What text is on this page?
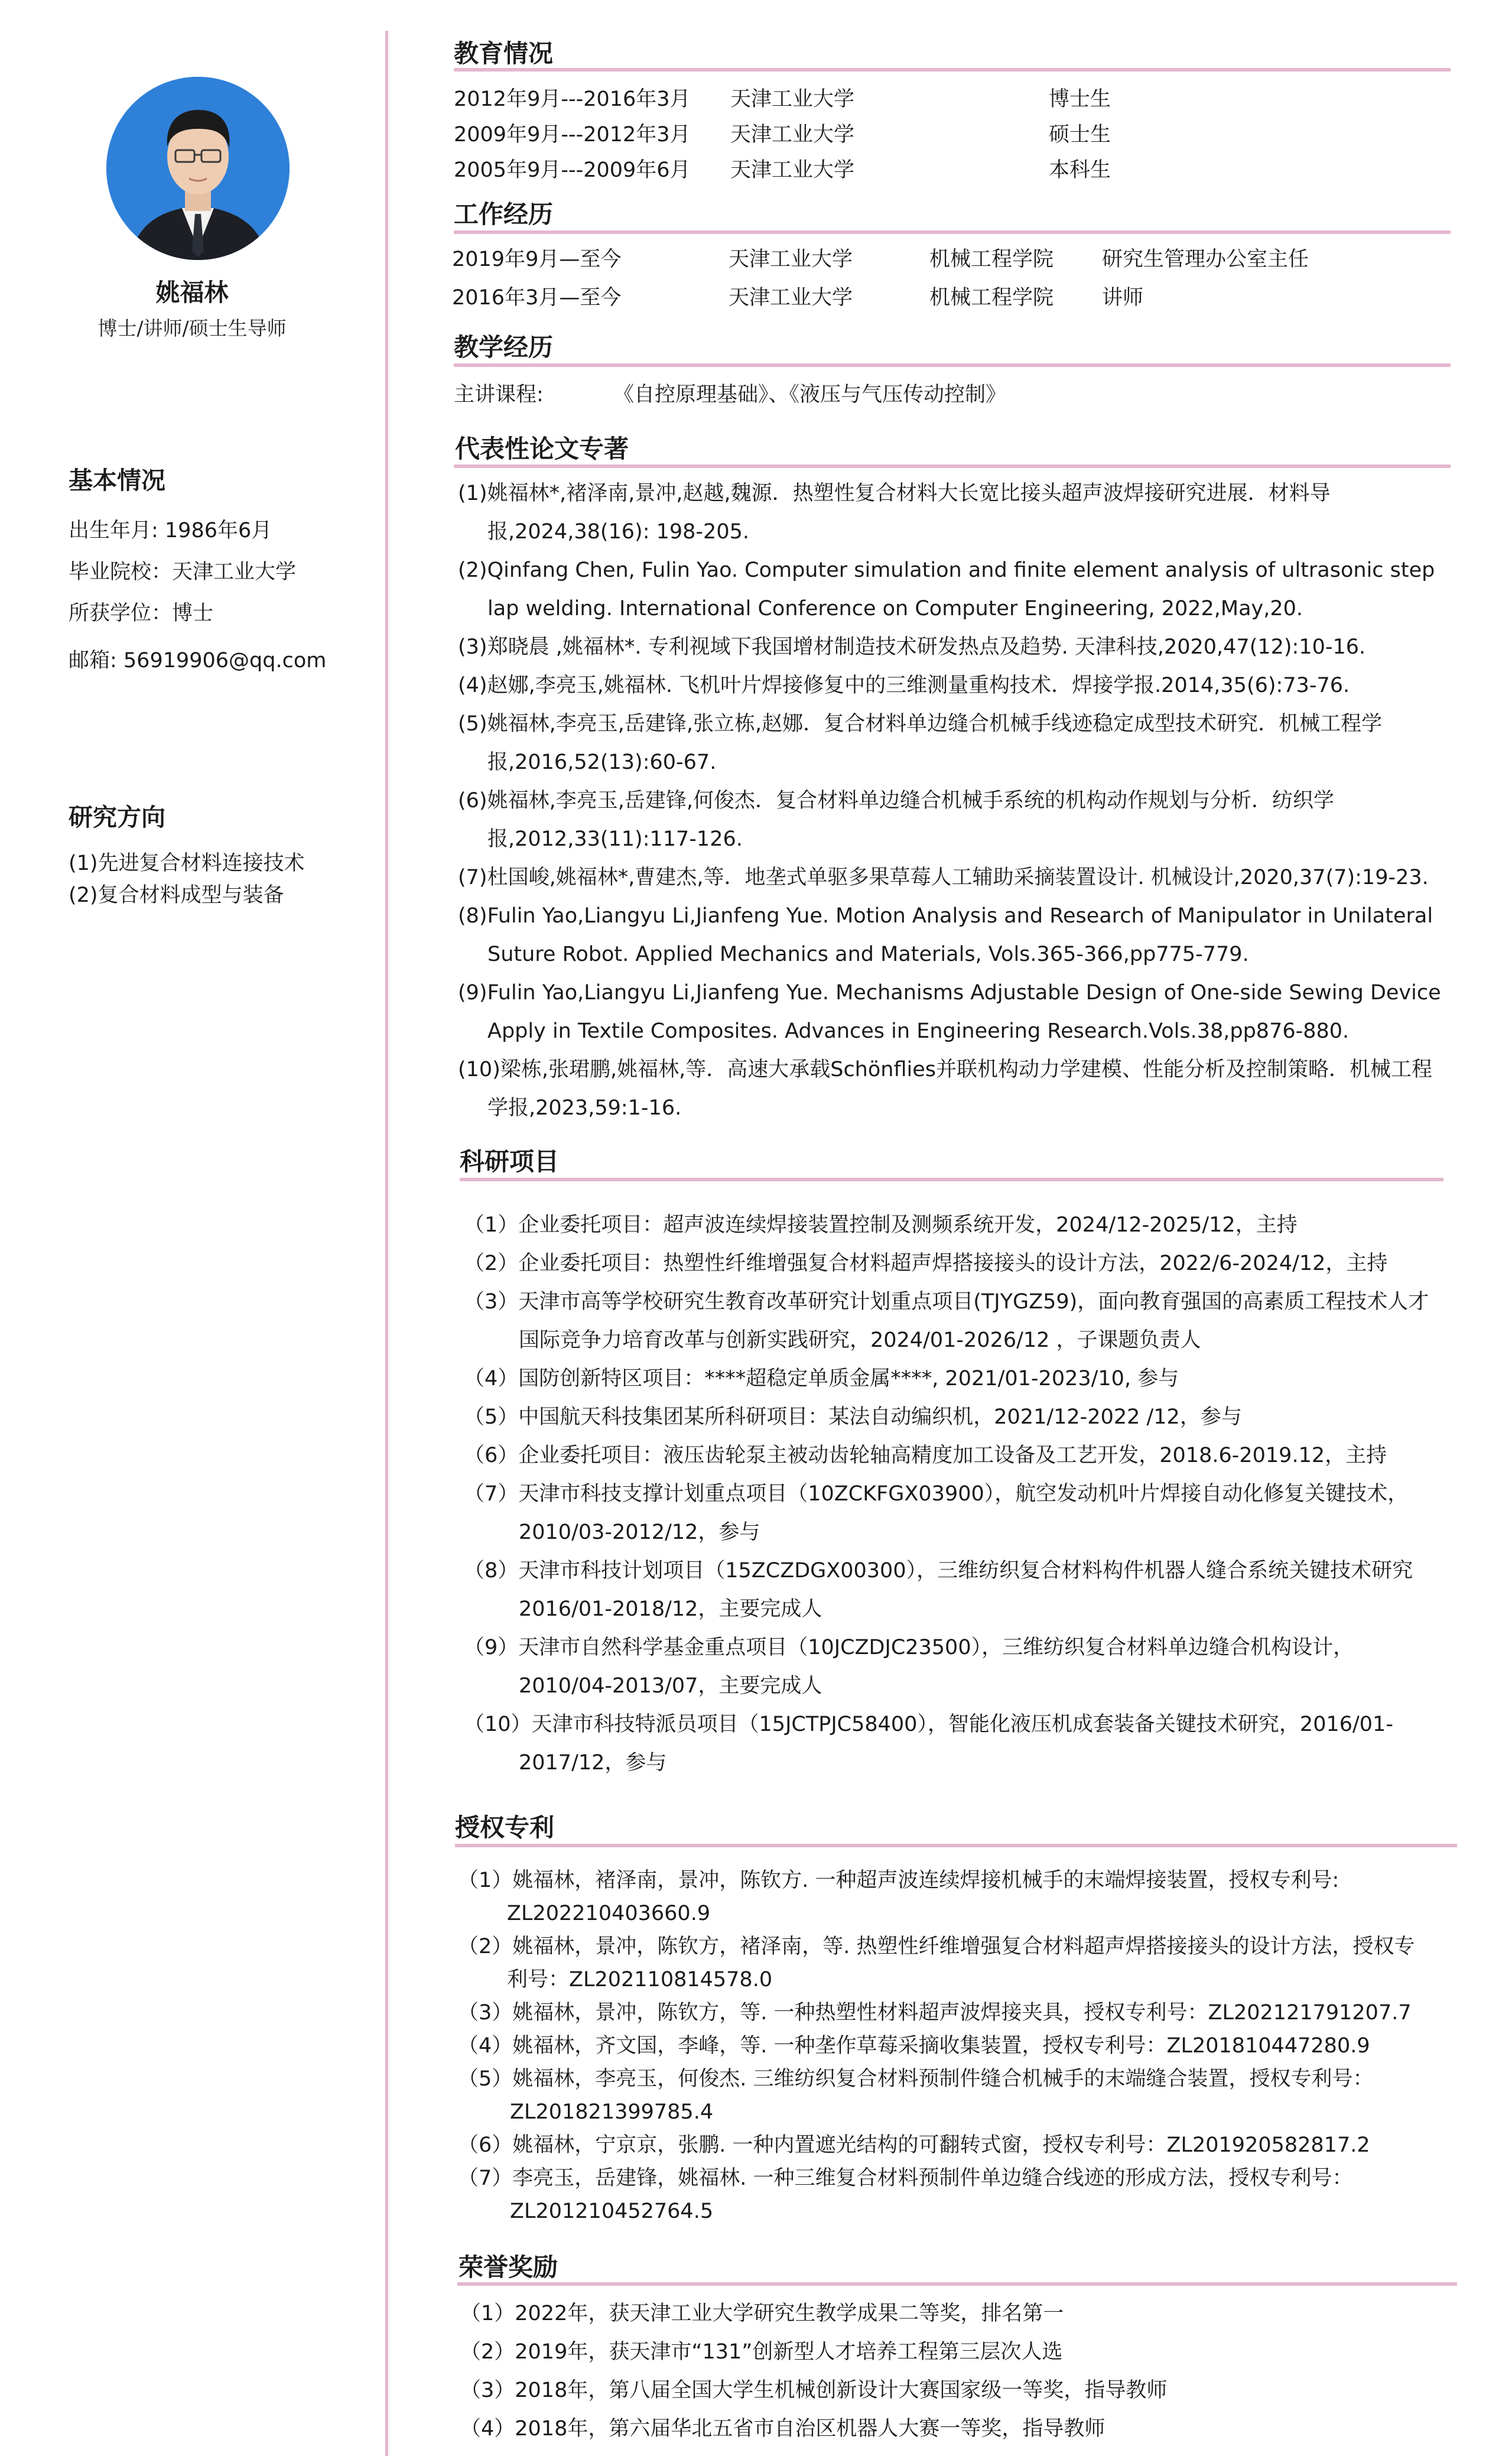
姚福林
博士/讲师/硕士生导师
基本情况
出生年月: 1986年6月
毕业院校：天津工业大学
所获学位：博士
邮箱: 56919906@qq.com
研究方向
(1)先进复合材料连接技术
(2)复合材料成型与装备
教育情况
2012年9月---2016年3月 天津工业大学	博士生
2009年9月---2012年3月 天津工业大学	硕士生
2005年9月---2009年6月 天津工业大学	本科生
工作经历
2019年9月—至今	天津工业大学	机械工程学院 研究生管理办公室主任
2016年3月—至今	天津工业大学	机械工程学院 讲师
教学经历
主讲课程:	《自控原理基础》、《液压与气压传动控制》
代表性论文专著
(1)姚福林*,褚泽南,景冲,赵越,魏源．热塑性复合材料大长宽比接头超声波焊接研究进展．材料导
报,2024,38(16): 198-205.
(2)Qinfang Chen, Fulin Yao. Computer simulation and finite element analysis of ultrasonic step
lap welding. International Conference on Computer Engineering, 2022,May,20.
(3)郑晓晨 ,姚福林*. 专利视域下我国增材制造技术研发热点及趋势. 天津科技,2020,47(12):10-16.
(4)赵娜,李亮玉,姚福林. 飞机叶片焊接修复中的三维测量重构技术．焊接学报.2014,35(6):73-76.
(5)姚福林,李亮玉,岳建锋,张立栋,赵娜．复合材料单边缝合机械手线迹稳定成型技术研究．机械工程学
报,2016,52(13):60-67.
(6)姚福林,李亮玉,岳建锋,何俊杰．复合材料单边缝合机械手系统的机构动作规划与分析．纺织学
报,2012,33(11):117-126.
(7)杜国峻,姚福林*,曹建杰,等．地垄式单驱多果草莓人工辅助采摘装置设计. 机械设计,2020,37(7):19-23.
(8)Fulin Yao,Liangyu Li,Jianfeng Yue. Motion Analysis and Research of Manipulator in Unilateral
Suture Robot. Applied Mechanics and Materials, Vols.365-366,pp775-779.
(9)Fulin Yao,Liangyu Li,Jianfeng Yue. Mechanisms Adjustable Design of One-side Sewing Device
Apply in Textile Composites. Advances in Engineering Research.Vols.38,pp876-880.
(10)梁栋,张珺鹏,姚福林,等．高速大承载Schönflies并联机构动力学建模、性能分析及控制策略．机械工程
学报,2023,59:1-16.
科研项目
（1）企业委托项目：超声波连续焊接装置控制及测频系统开发，2024/12-2025/12，主持
（2）企业委托项目：热塑性纤维增强复合材料超声焊搭接接头的设计方法，2022/6-2024/12，主持
（3）天津市高等学校研究生教育改革研究计划重点项目(TJYGZ59)，面向教育强国的高素质工程技术人才
国际竞争力培育改革与创新实践研究，2024/01-2026/12 ，子课题负责人
（4）国防创新特区项目：****超稳定单质金属****, 2021/01-2023/10, 参与
（5）中国航天科技集团某所科研项目：某法自动编织机，2021/12-2022 /12，参与
（6）企业委托项目：液压齿轮泵主被动齿轮轴高精度加工设备及工艺开发，2018.6-2019.12，主持
（7）天津市科技支撑计划重点项目（10ZCKFGX03900），航空发动机叶片焊接自动化修复关键技术，
2010/03-2012/12，参与
（8）天津市科技计划项目（15ZCZDGX00300），三维纺织复合材料构件机器人缝合系统关键技术研究
2016/01-2018/12，主要完成人
（9）天津市自然科学基金重点项目（10JCZDJC23500），三维纺织复合材料单边缝合机构设计，
2010/04-2013/07，主要完成人
（10）天津市科技特派员项目（15JCTPJC58400），智能化液压机成套装备关键技术研究，2016/01-
2017/12，参与
授权专利
（1）姚福林，褚泽南，景冲，陈钦方. 一种超声波连续焊接机械手的末端焊接装置，授权专利号:
ZL202210403660.9
（2）姚福林，景冲，陈钦方，褚泽南，等. 热塑性纤维增强复合材料超声焊搭接接头的设计方法，授权专
利号：ZL202110814578.0
（3）姚福林，景冲，陈钦方，等. 一种热塑性材料超声波焊接夹具，授权专利号：ZL202121791207.7
（4）姚福林，齐文国，李峰，等. 一种垄作草莓采摘收集装置，授权专利号：ZL201810447280.9
（5）姚福林，李亮玉，何俊杰. 三维纺织复合材料预制件缝合机械手的末端缝合装置，授权专利号：
ZL201821399785.4
（6）姚福林，宁京京，张鹏. 一种内置遮光结构的可翻转式窗，授权专利号：ZL201920582817.2
（7）李亮玉，岳建锋，姚福林. 一种三维复合材料预制件单边缝合线迹的形成方法，授权专利号：
ZL201210452764.5
荣誉奖励
（1）2022年，获天津工业大学研究生教学成果二等奖，排名第一
（2）2019年，获天津市“131”创新型人才培养工程第三层次人选
（3）2018年，第八届全国大学生机械创新设计大赛国家级一等奖，指导教师
（4）2018年，第六届华北五省市自治区机器人大赛一等奖，指导教师
